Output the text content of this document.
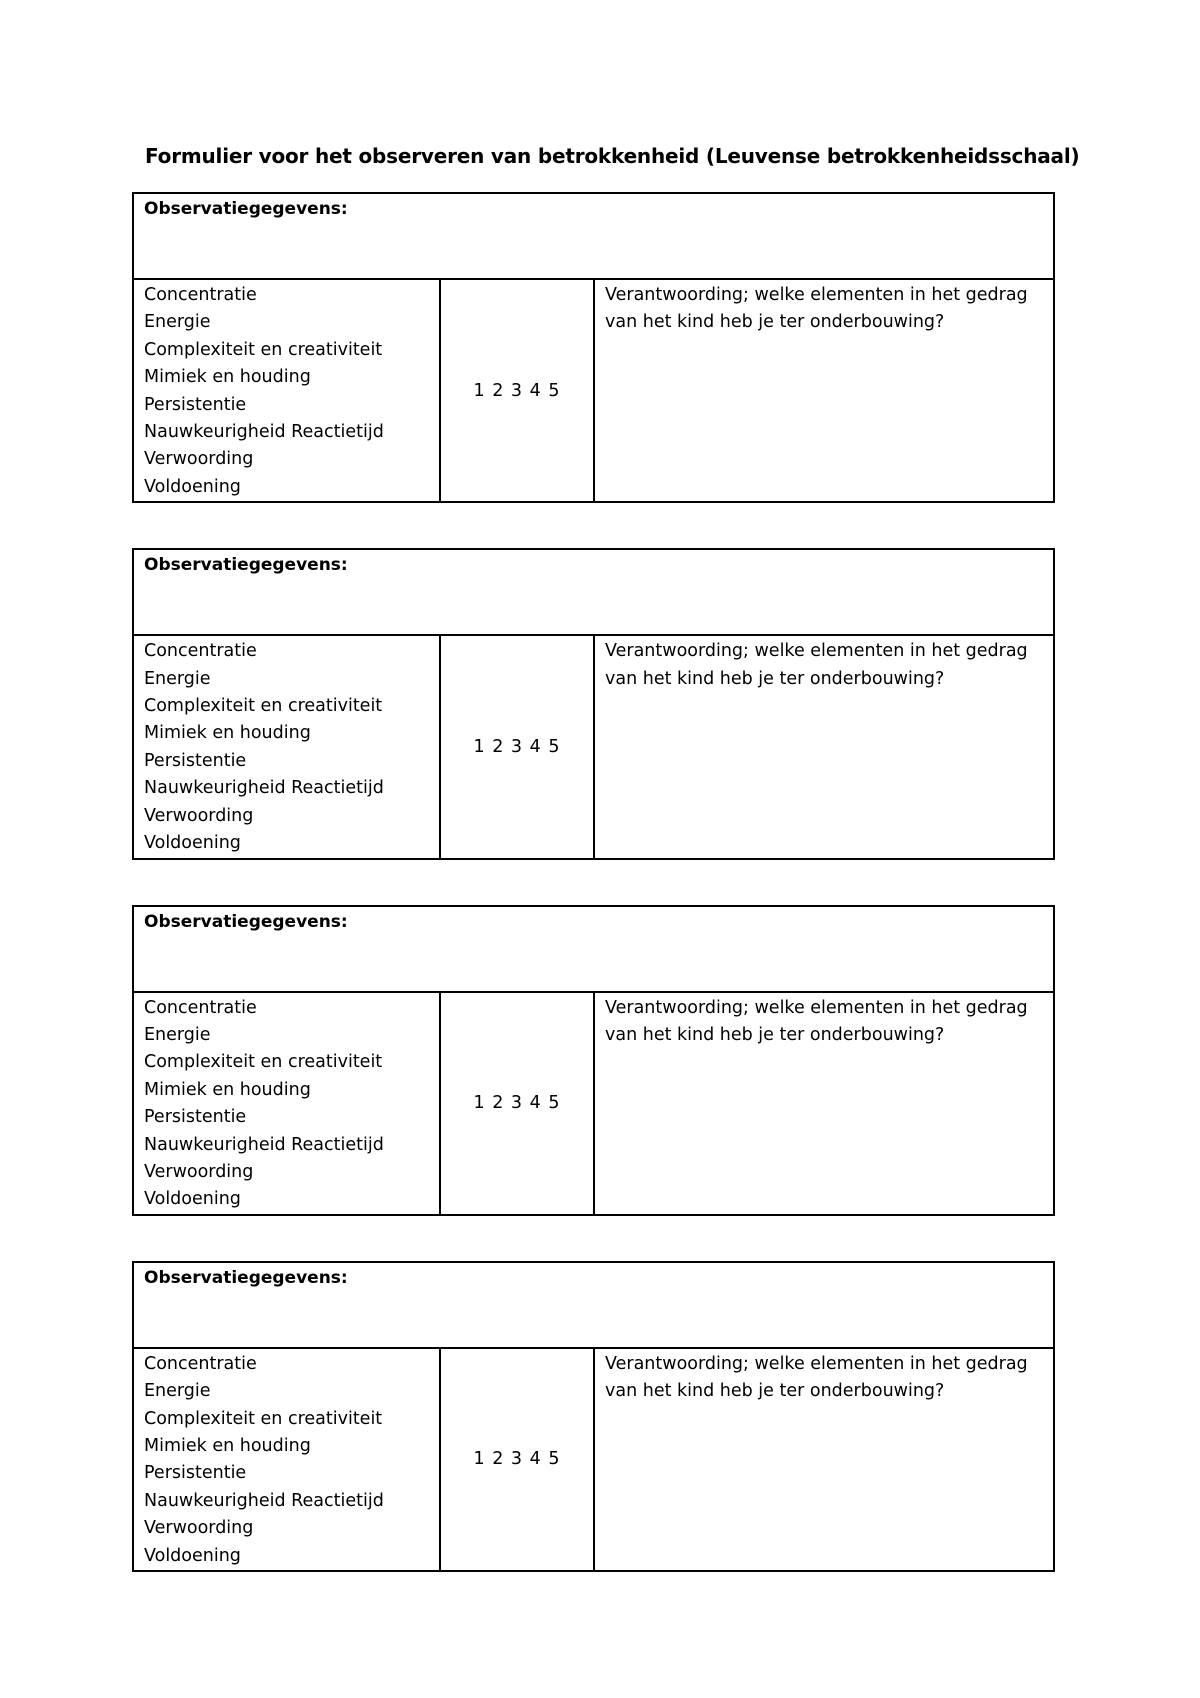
Formulier voor het observeren van betrokkenheid (Leuvense betrokkenheidsschaal)
Observatiegegevens:

Concentratie
Energie
Complexiteit en creativiteit
Mimiek en houding
Persistentie
Nauwkeurigheid Reactietijd
Verwoording
Voldoening
	1 2 3 4 5	Verantwoording; welke elementen in het gedrag van het kind heb je ter onderbouwing?
Observatiegegevens:

Concentratie
Energie
Complexiteit en creativiteit
Mimiek en houding
Persistentie
Nauwkeurigheid Reactietijd
Verwoording
Voldoening
	1 2 3 4 5	Verantwoording; welke elementen in het gedrag van het kind heb je ter onderbouwing?
Observatiegegevens:

Concentratie
Energie
Complexiteit en creativiteit
Mimiek en houding
Persistentie
Nauwkeurigheid Reactietijd
Verwoording
Voldoening
	1 2 3 4 5	Verantwoording; welke elementen in het gedrag van het kind heb je ter onderbouwing?
Observatiegegevens:

Concentratie
Energie
Complexiteit en creativiteit
Mimiek en houding
Persistentie
Nauwkeurigheid Reactietijd
Verwoording
Voldoening
	1 2 3 4 5	Verantwoording; welke elementen in het gedrag van het kind heb je ter onderbouwing?
